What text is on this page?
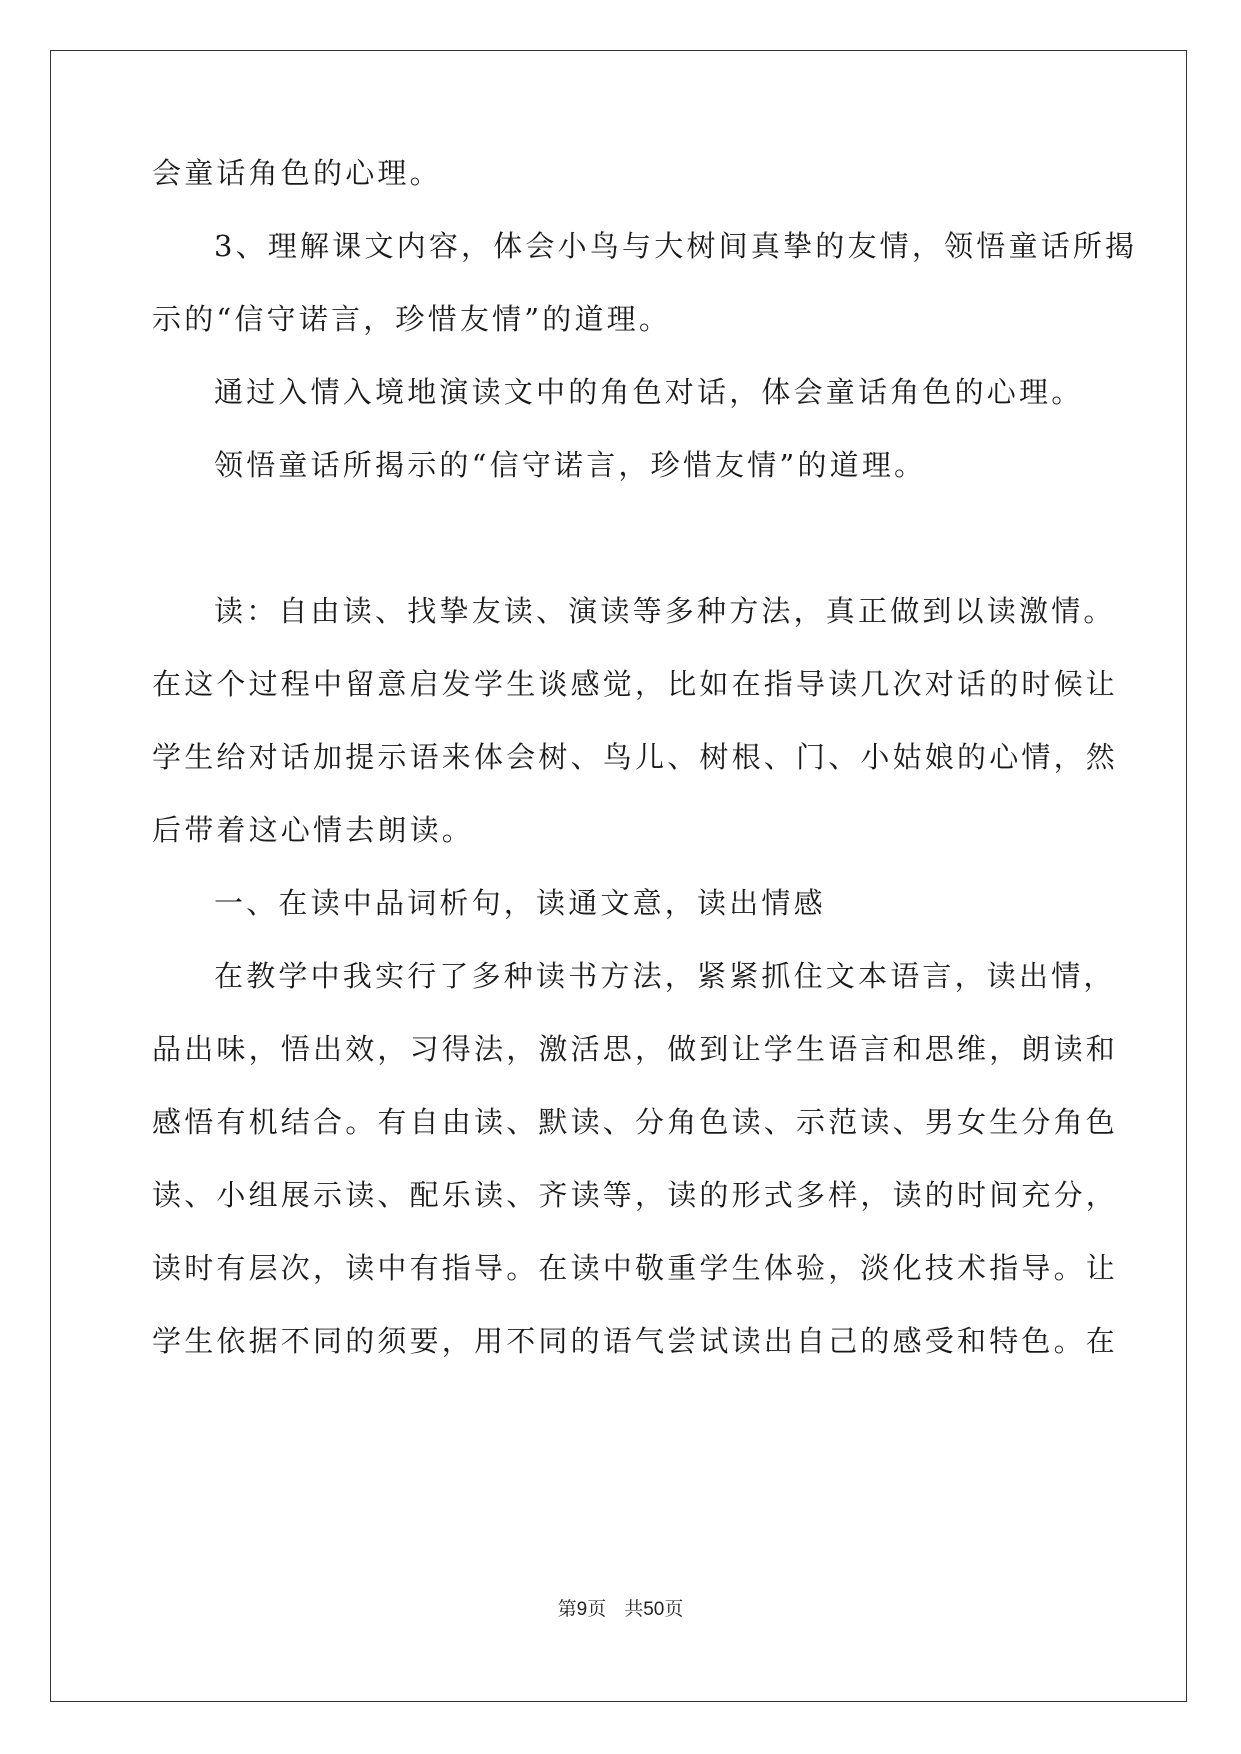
会童话角色的心理。
3、理解课文内容，体会小鸟与大树间真挚的友情，领悟童话所揭
示的“信守诺言，珍惜友情”的道理。
通过入情入境地演读文中的角色对话，体会童话角色的心理。
领悟童话所揭示的“信守诺言，珍惜友情”的道理。
读：自由读、找挚友读、演读等多种方法，真正做到以读激情。
在这个过程中留意启发学生谈感觉，比如在指导读几次对话的时候让
学生给对话加提示语来体会树、鸟儿、树根、门、小姑娘的心情，然
后带着这心情去朗读。
一、在读中品词析句，读通文意，读出情感
在教学中我实行了多种读书方法，紧紧抓住文本语言，读出情，
品出味，悟出效，习得法，激活思，做到让学生语言和思维，朗读和
感悟有机结合。有自由读、默读、分角色读、示范读、男女生分角色
读、小组展示读、配乐读、齐读等，读的形式多样，读的时间充分，
读时有层次，读中有指导。在读中敬重学生体验，淡化技术指导。让
学生依据不同的须要，用不同的语气尝试读出自己的感受和特色。在
第9页 共50页
